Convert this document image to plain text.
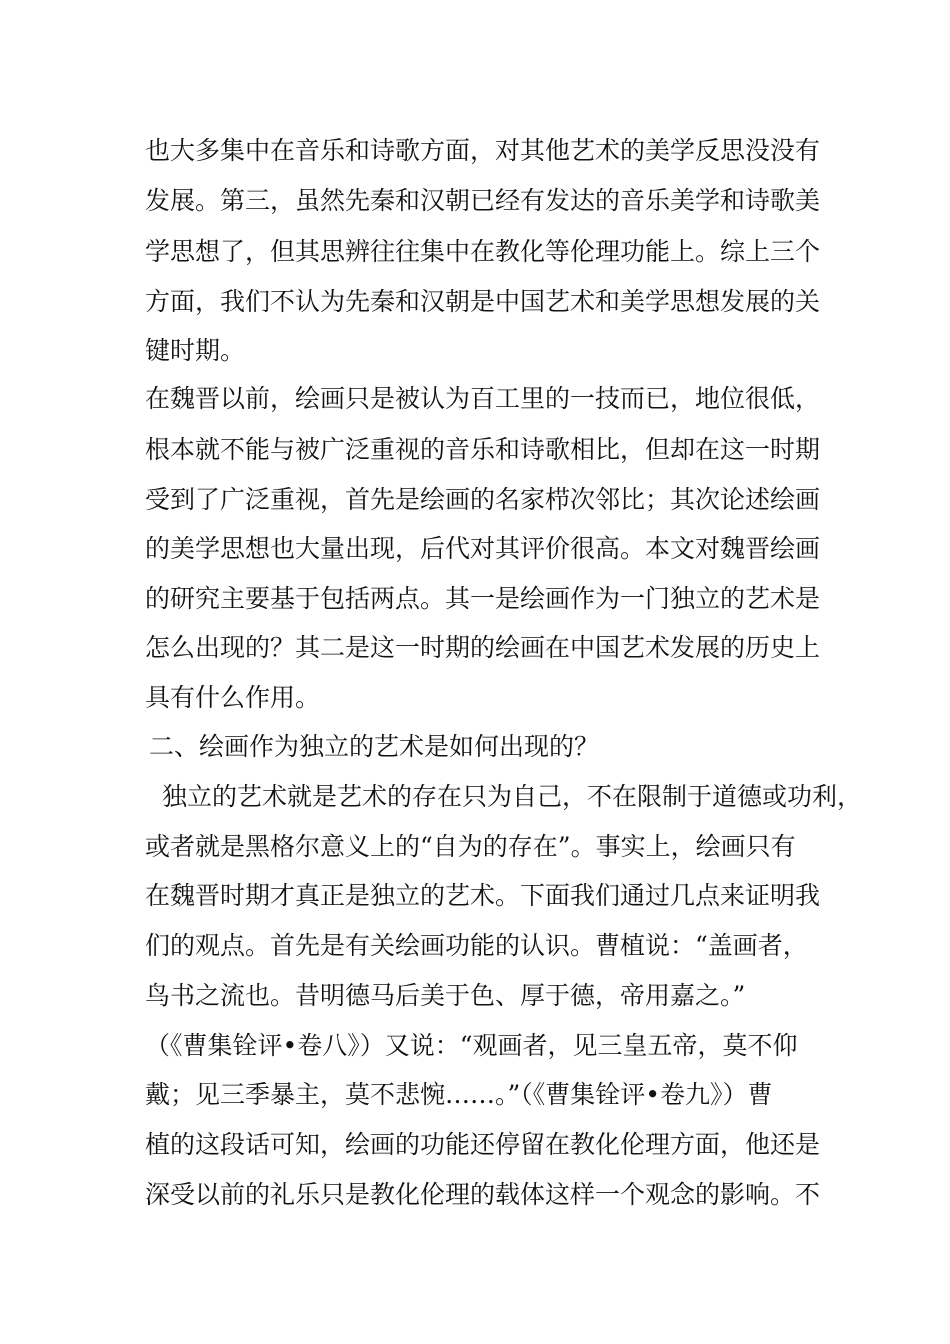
也大多集中在音乐和诗歌方面，对其他艺术的美学反思没没有
发展。第三，虽然先秦和汉朝已经有发达的音乐美学和诗歌美
学思想了，但其思辨往往集中在教化等伦理功能上。综上三个
方面，我们不认为先秦和汉朝是中国艺术和美学思想发展的关
键时期。
在魏晋以前，绘画只是被认为百工里的一技而已，地位很低，
根本就不能与被广泛重视的音乐和诗歌相比，但却在这一时期
受到了广泛重视，首先是绘画的名家栉次邻比；其次论述绘画
的美学思想也大量出现，后代对其评价很高。本文对魏晋绘画
的研究主要基于包括两点。其一是绘画作为一门独立的艺术是
怎么出现的？其二是这一时期的绘画在中国艺术发展的历史上
具有什么作用。
二、绘画作为独立的艺术是如何出现的？
独立的艺术就是艺术的存在只为自己，不在限制于道德或功利，
或者就是黑格尔意义上的“自为的存在”。事实上，绘画只有
在魏晋时期才真正是独立的艺术。下面我们通过几点来证明我
们的观点。首先是有关绘画功能的认识。曹植说：“盖画者，
鸟书之流也。昔明德马后美于色、厚于德，帝用嘉之。”
（《曹集铨评•卷八》）又说：“观画者，见三皇五帝，莫不仰
戴；见三季暴主，莫不悲惋……。”（《曹集铨评•卷九》）曹
植的这段话可知，绘画的功能还停留在教化伦理方面，他还是
深受以前的礼乐只是教化伦理的载体这样一个观念的影响。不
